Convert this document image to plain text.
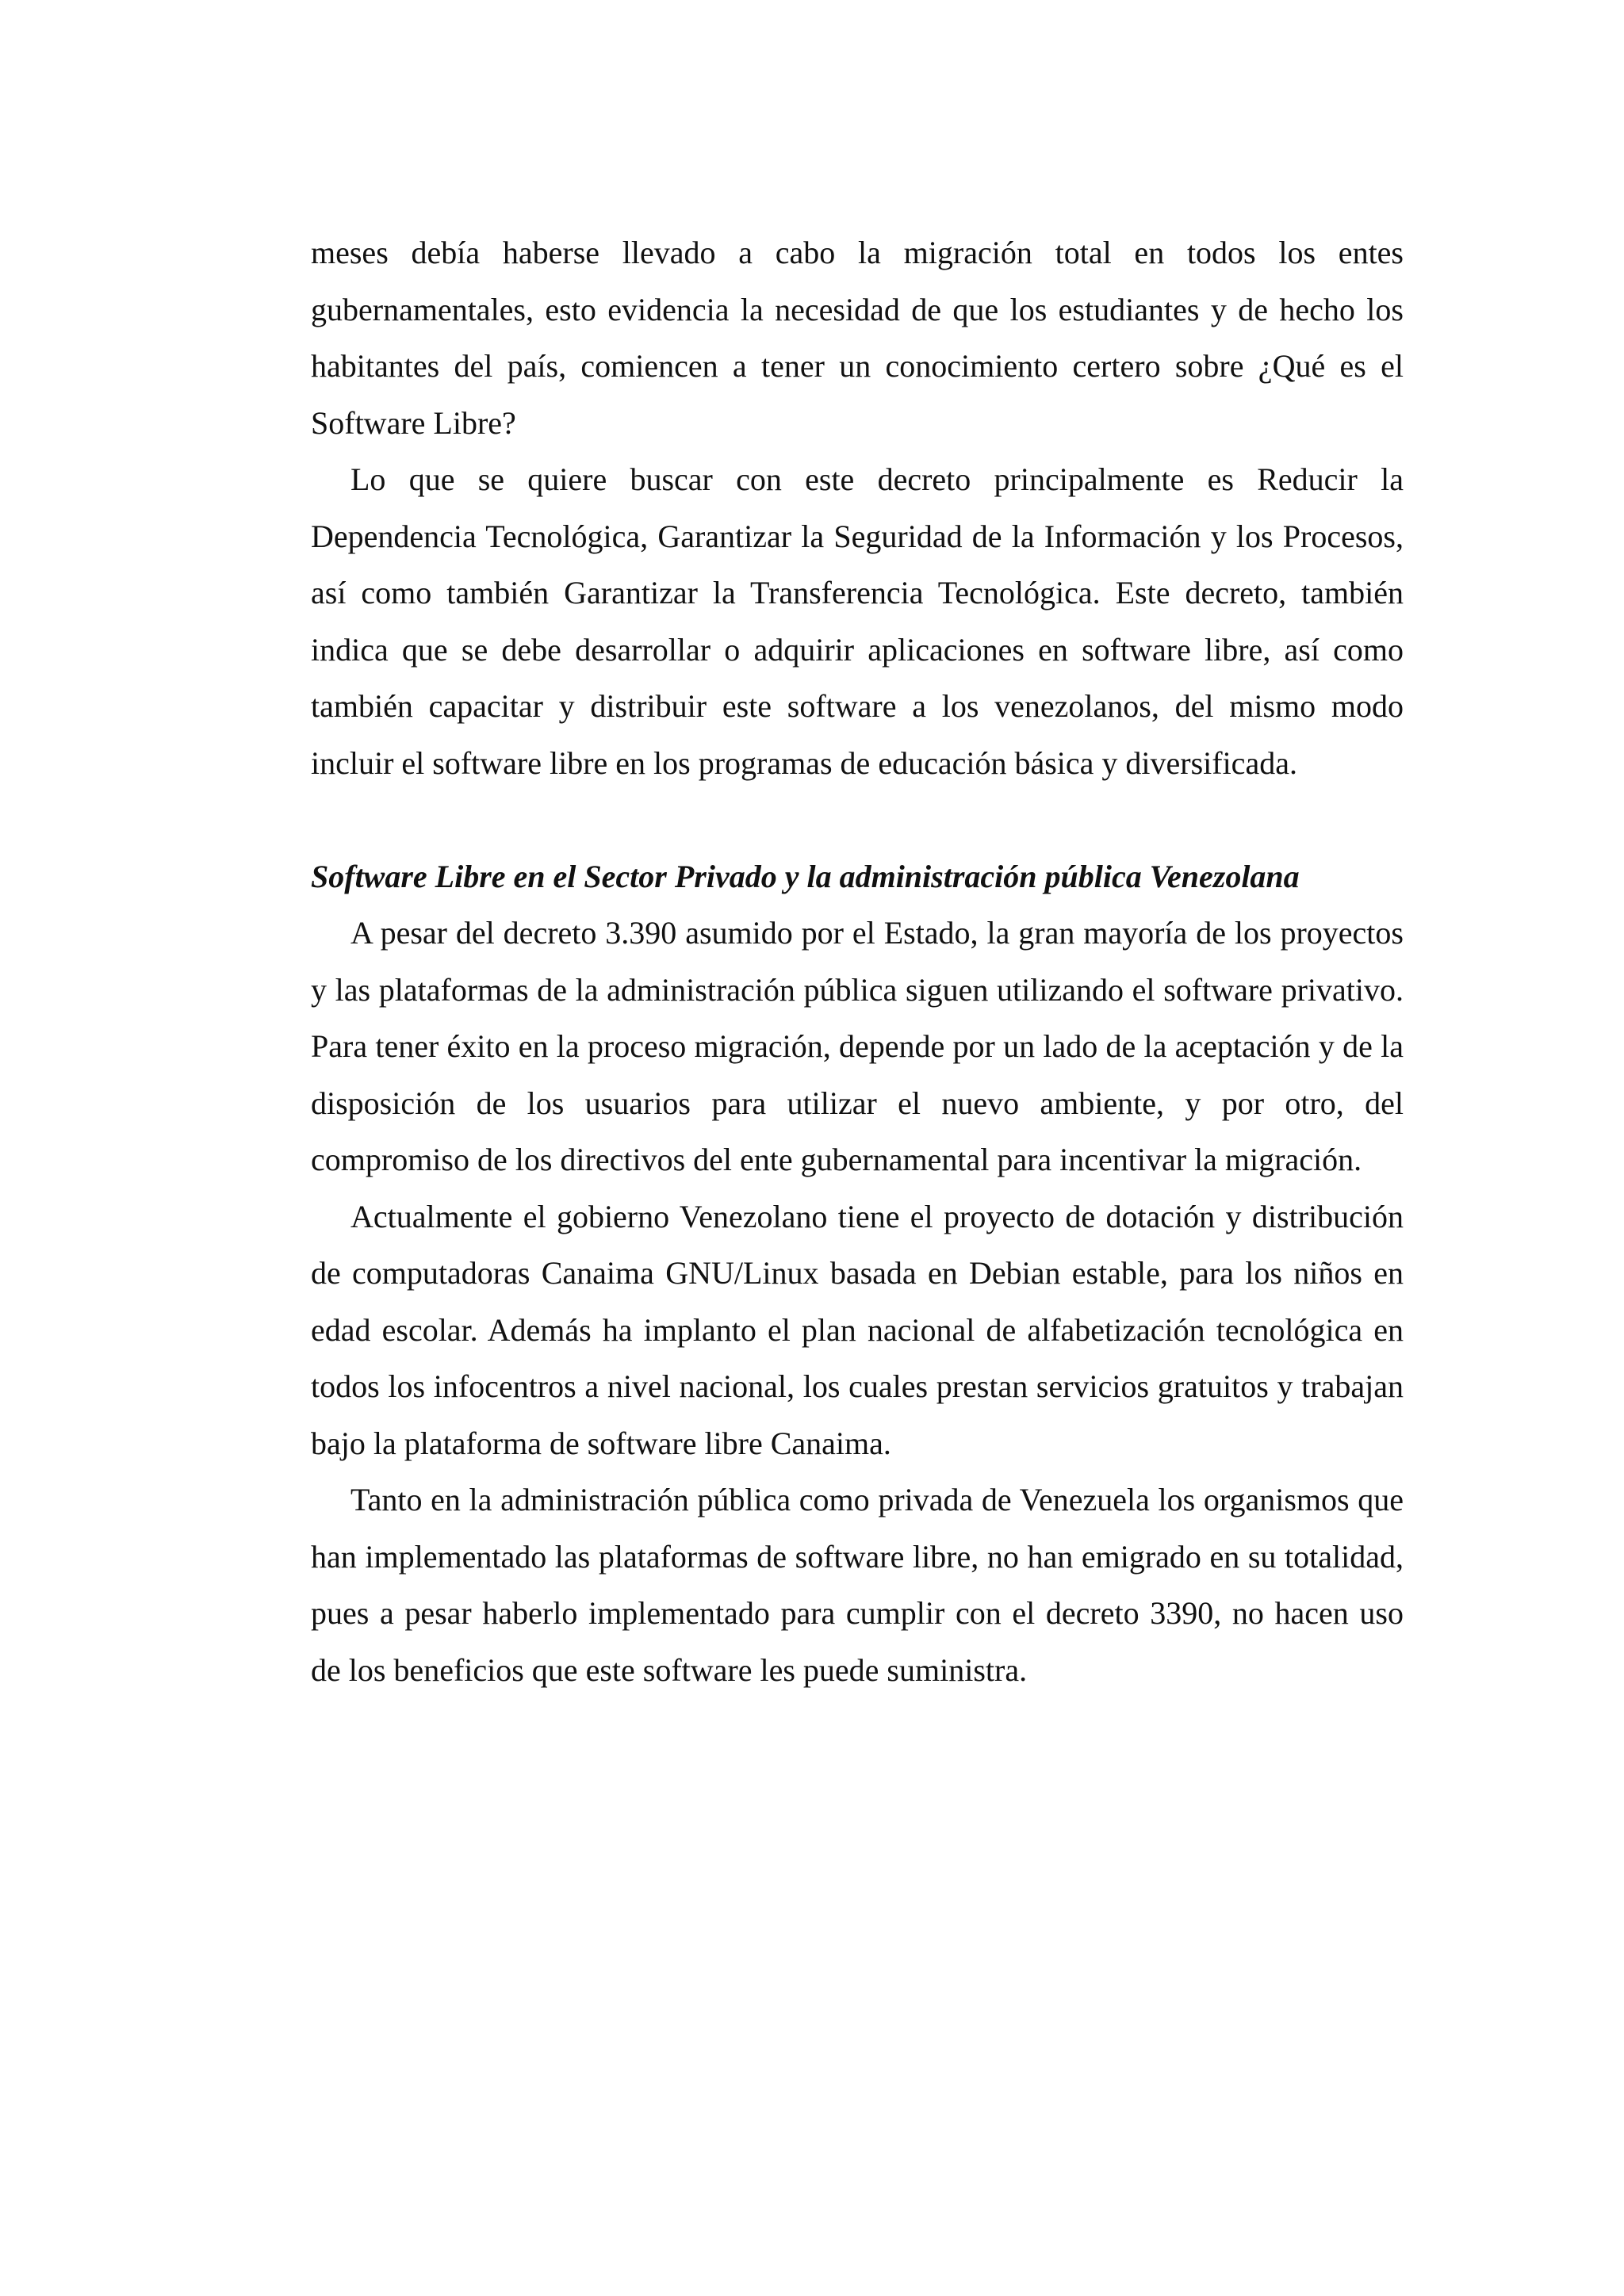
meses debía haberse llevado a cabo la migración total en todos los entes gubernamentales, esto evidencia la necesidad de que los estudiantes y de hecho los habitantes del país, comiencen a tener un conocimiento certero sobre ¿Qué es el Software Libre?

Lo que se quiere buscar con este decreto principalmente es Reducir la Dependencia Tecnológica, Garantizar la Seguridad de la Información y los Procesos, así como también Garantizar la Transferencia Tecnológica. Este decreto, también indica que se debe desarrollar o adquirir aplicaciones en software libre, así como también capacitar y distribuir este software a los venezolanos, del mismo modo incluir el software libre en los programas de educación básica y diversificada.

Software Libre en el Sector Privado y la administración pública Venezolana

A pesar del decreto 3.390 asumido por el Estado, la gran mayoría de los proyectos y las plataformas de la administración pública siguen utilizando el software privativo. Para tener éxito en la proceso migración, depende por un lado de la aceptación y de la disposición de los usuarios para utilizar el nuevo ambiente, y por otro, del compromiso de los directivos del ente gubernamental para incentivar la migración.

Actualmente el gobierno Venezolano tiene el proyecto de dotación y distribución de computadoras Canaima GNU/Linux basada en Debian estable, para los niños en edad escolar. Además ha implanto el plan nacional de alfabetización tecnológica en todos los infocentros a nivel nacional, los cuales prestan servicios gratuitos y trabajan bajo la plataforma de software libre Canaima.

Tanto en la administración pública como privada de Venezuela los organismos que han implementado las plataformas de software libre, no han emigrado en su totalidad, pues a pesar haberlo implementado para cumplir con el decreto 3390, no hacen uso de los beneficios que este software les puede suministra.
